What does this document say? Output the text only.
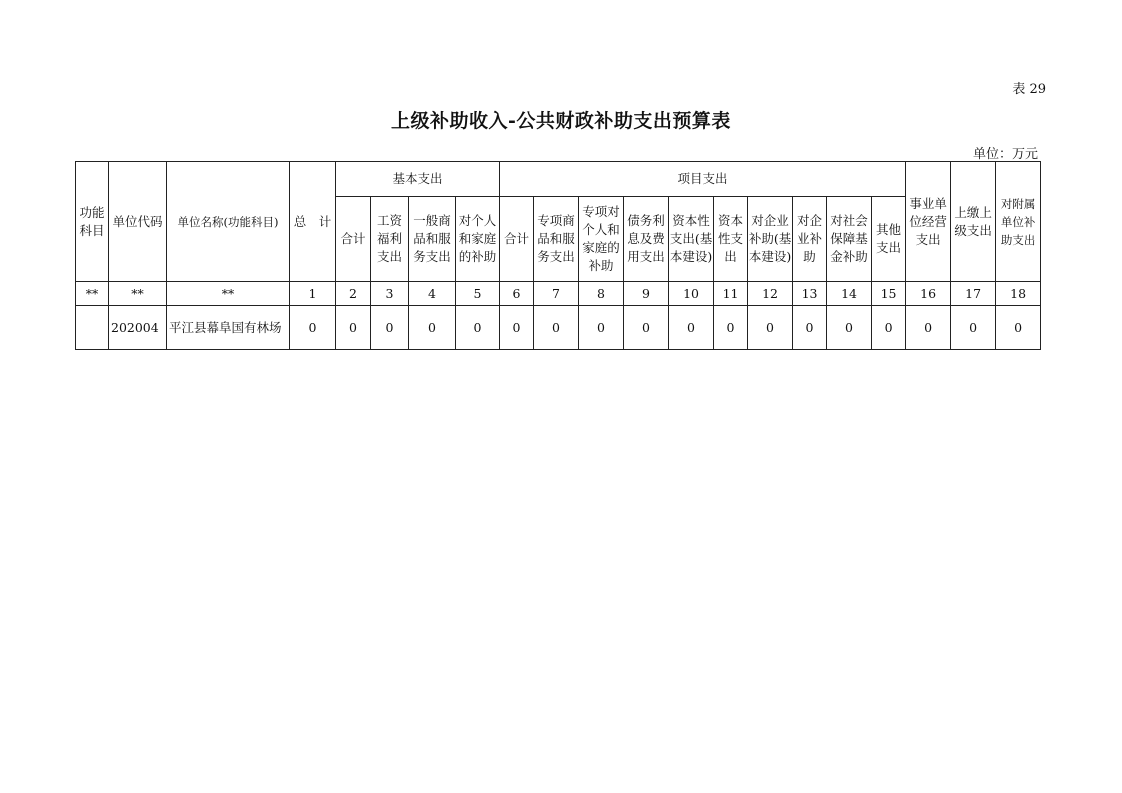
表 29
上级补助收入-公共财政补助支出预算表
单位：万元
功能科目	单位代码	单位名称(功能科目)	总　计	基本支出				项目支出										事业单位经营支出	上缴上级支出	对附属单位补助支出
				合计	工资福利支出	一般商品和服务支出	对个人和家庭的补助	合计	专项商品和服务支出	专项对个人和家庭的补助	债务利息及费用支出	资本性支出(基本建设)	资本性支出	对企业补助(基本建设)	对企业补助	对社会保障基金补助	其他支出			
**	**	**	1	2	3	4	5	6	7	8	9	10	11	12	13	14	15	16	17	18
	202004	平江县幕阜国有林场	0	0	0	0	0	0	0	0	0	0	0	0	0	0	0	0	0	0
